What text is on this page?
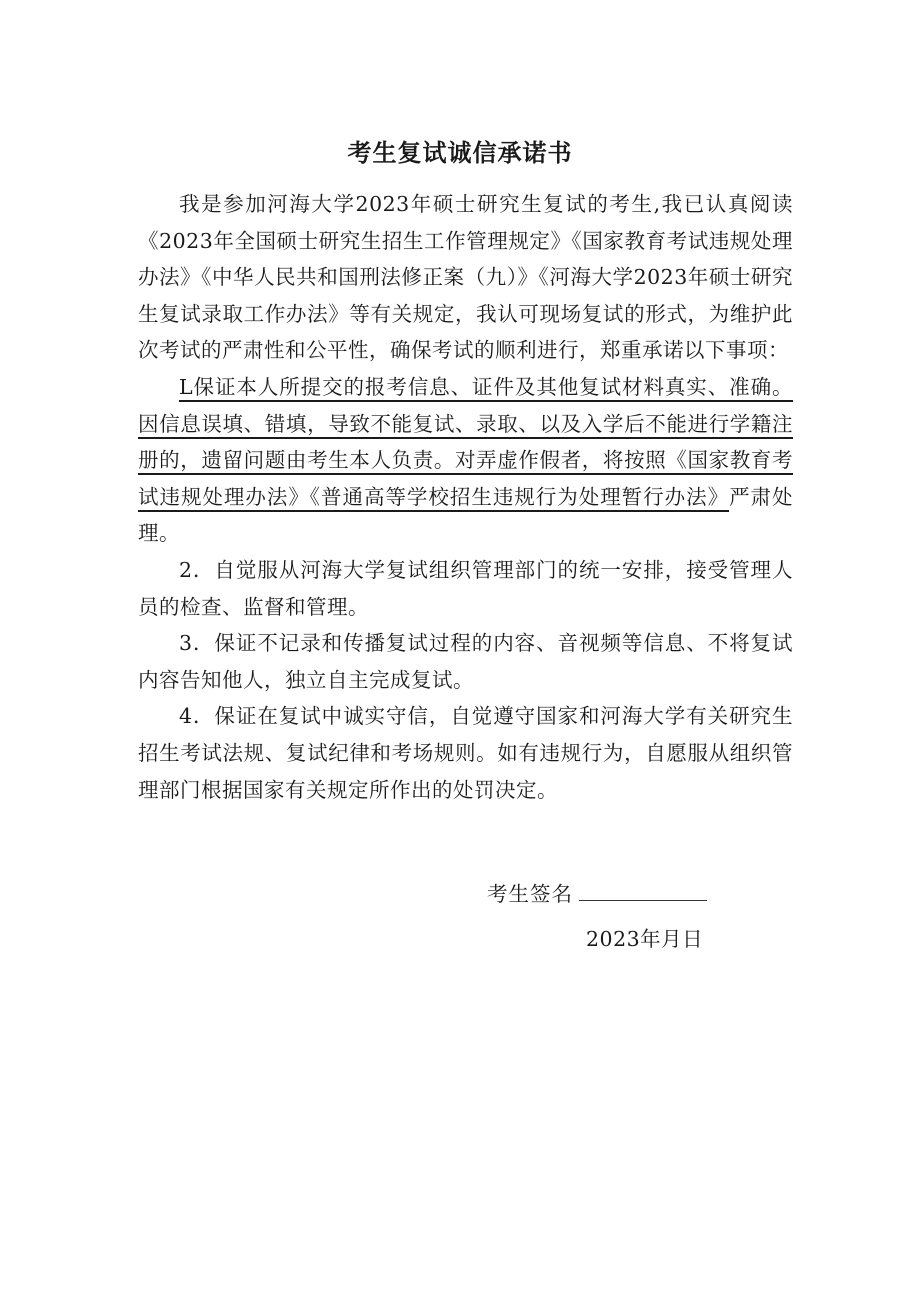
考生复试诚信承诺书

我是参加河海大学2023年硕士研究生复试的考生,我已认真阅读《2023年全国硕士研究生招生工作管理规定》《国家教育考试违规处理办法》《中华人民共和国刑法修正案（九）》《河海大学2023年硕士研究生复试录取工作办法》等有关规定，我认可现场复试的形式，为维护此次考试的严肃性和公平性，确保考试的顺利进行，郑重承诺以下事项：

L保证本人所提交的报考信息、证件及其他复试材料真实、准确。因信息误填、错填，导致不能复试、录取、以及入学后不能进行学籍注册的，遗留问题由考生本人负责。对弄虚作假者，将按照《国家教育考试违规处理办法》《普通高等学校招生违规行为处理暂行办法》严肃处理。

2．自觉服从河海大学复试组织管理部门的统一安排，接受管理人员的检查、监督和管理。

3．保证不记录和传播复试过程的内容、音视频等信息、不将复试内容告知他人，独立自主完成复试。

4．保证在复试中诚实守信，自觉遵守国家和河海大学有关研究生招生考试法规、复试纪律和考场规则。如有违规行为，自愿服从组织管理部门根据国家有关规定所作出的处罚决定。

考生签名
2023年月日
